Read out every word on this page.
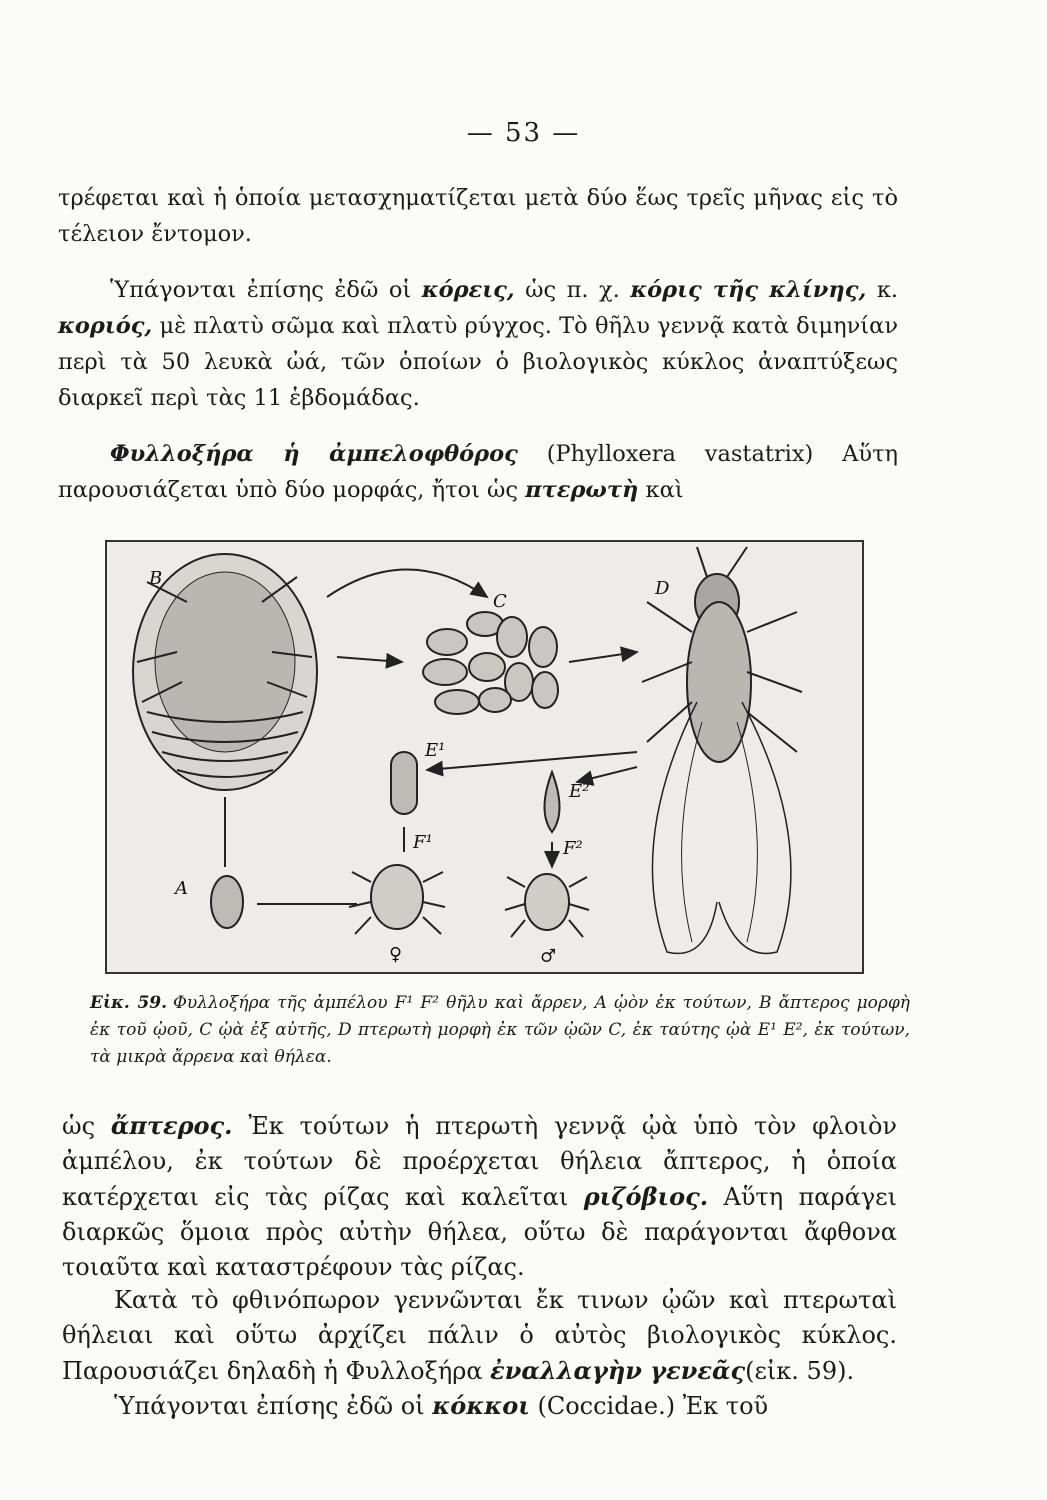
— 53 —

τρέφεται καὶ ἡ ὁποία μετασχηματίζεται μετὰ δύο ἕως τρεῖς μῆνας εἰς τὸ τέλειον ἔντομον.

Ὑπάγονται ἐπίσης ἐδῶ οἱ κόρεις, ὡς π. χ. κόρις τῆς κλίνης, κ. κοριός, μὲ πλατὺ σῶμα καὶ πλατὺ ρύγχος. Τὸ θῆλυ γεννᾷ κατὰ διμηνίαν περὶ τὰ 50 λευκὰ ὠά, τῶν ὁποίων ὁ βιολογικὸς κύκλος ἀναπτύξεως διαρκεῖ περὶ τὰς 11 ἑβδομάδας.

Φυλλοξήρα ἡ ἀμπελοφθόρος (Phylloxera vastatrix) Αὕτη παρουσιάζεται ὑπὸ δύο μορφάς, ἤτοι ὡς πτερωτὴ καὶ

B
C
D
E¹
E²
F¹	F²
A
♀	♂

Εἰκ. 59. Φυλλοξήρα τῆς ἀμπέλου F¹ F² θῆλυ καὶ ἄρρεν, A ᾠὸν ἐκ τούτων, B ἄπτερος μορφὴ ἐκ τοῦ ᾠοῦ, C ᾠὰ ἐξ αὐτῆς, D πτερωτὴ μορφὴ ἐκ τῶν ᾠῶν C, ἐκ ταύτης ᾠὰ E¹ E², ἐκ τούτων, τὰ μικρὰ ἄρρενα καὶ θήλεα.

ὡς ἄπτερος. Ἐκ τούτων ἡ πτερωτὴ γεννᾷ ᾠὰ ὑπὸ τὸν φλοιὸν ἀμπέλου, ἐκ τούτων δὲ προέρχεται θήλεια ἄπτερος, ἡ ὁποία κατέρχεται εἰς τὰς ρίζας καὶ καλεῖται ριζόβιος. Αὕτη παράγει διαρκῶς ὅμοια πρὸς αὐτὴν θήλεα, οὕτω δὲ παράγονται ἄφθονα τοιαῦτα καὶ καταστρέφουν τὰς ρίζας.

Κατὰ τὸ φθινόπωρον γεννῶνται ἔκ τινων ᾠῶν καὶ πτερωταὶ θήλειαι καὶ οὕτω ἀρχίζει πάλιν ὁ αὐτὸς βιολογικὸς κύκλος. Παρουσιάζει δηλαδὴ ἡ Φυλλοξήρα ἐναλλαγὴν γενεᾶς(εἰκ. 59).

Ὑπάγονται ἐπίσης ἐδῶ οἱ κόκκοι (Coccidae.) Ἐκ τοῦ
